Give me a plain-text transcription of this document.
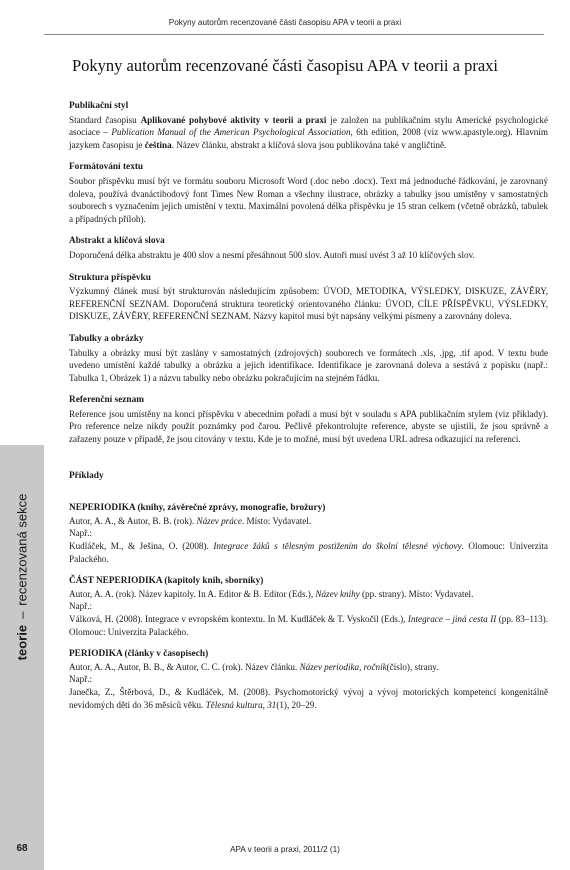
Pokyny autorům recenzované části časopisu APA v teorii a praxi
Pokyny autorům recenzované části časopisu APA v teorii a praxi
Publikační styl

Standard časopisu Aplikované pohybové aktivity v teorii a praxi je založen na publikačním stylu Americké psychologické asociace – Publication Manual of the American Psychological Association, 6th edition, 2008 (viz www.apastyle.org). Hlavním jazykem časopisu je čeština. Název článku, abstrakt a klíčová slova jsou publikována také v angličtině.

Formátování textu

Soubor příspěvku musí být ve formátu souboru Microsoft Word (.doc nebo .docx). Text má jednoduché řádkování, je zarovnaný doleva, používá dvanáctibodový font Times New Roman a všechny ilustrace, obrázky a tabulky jsou umístěny v samostatných souborech s vyznačením jejich umístění v textu. Maximální povolená délka příspěvku je 15 stran celkem (včetně obrázků, tabulek a případných příloh).

Abstrakt a klíčová slova

Doporučená délka abstraktu je 400 slov a nesmí přesáhnout 500 slov. Autoři musí uvést 3 až 10 klíčových slov.

Struktura příspěvku

Výzkumný článek musí být strukturován následujícím způsobem: ÚVOD, METODIKA, VÝSLEDKY, DISKUZE, ZÁVĚRY, REFERENČNÍ SEZNAM. Doporučená struktura teoretický orientovaného článku: ÚVOD, CÍLE PŘÍSPĚVKU, VÝSLEDKY, DISKUZE, ZÁVĚRY, REFERENČNÍ SEZNAM. Názvy kapitol musí být napsány velkými písmeny a zarovnány doleva.

Tabulky a obrázky

Tabulky a obrázky musí být zaslány v samostatných (zdrojových) souborech ve formátech .xls, .jpg, .tif apod. V textu bude uvedeno umístění každé tabulky a obrázku a jejich identifikace. Identifikace je zarovnaná doleva a sestává z popisku (např.: Tabulka 1, Obrázek 1) a názvu tabulky nebo obrázku pokračujícím na stejném řádku.

Referenční seznam

Reference jsou umístěny na konci příspěvku v abecedním pořadí a musí být v souladu s APA publikačním stylem (viz příklady). Pro reference nelze nikdy použít poznámky pod čarou. Pečlivě překontrolujte reference, abyste se ujistili, že jsou správně a zařazeny pouze v případě, že jsou citovány v textu. Kde je to možné, musí být uvedena URL adresa odkazující na referenci.

Příklady
NEPERIODIKA (knihy, závěrečné zprávy, monografie, brožury)
Autor, A. A., & Autor, B. B. (rok). Název práce. Místo: Vydavatel.
Např.:
Kudláček, M., & Ješina, O. (2008). Integrace žáků s tělesným postižením do školní tělesné výchovy. Olomouc: Univerzita Palackého.
ČÁST NEPERIODIKA (kapitoly knih, sborníky)
Autor, A. A. (rok). Název kapitoly. In A. Editor & B. Editor (Eds.), Název knihy (pp. strany). Místo: Vydavatel.
Např.:
Válková, H. (2008). Integrace v evropském kontextu. In M. Kudláček & T. Vyskočil (Eds.), Integrace – jiná cesta II (pp. 83–113). Olomouc: Univerzita Palackého.
PERIODIKA (články v časopisech)
Autor, A. A., Autor, B. B., & Autor, C. C. (rok). Název článku. Název periodika, ročník(číslo), strany.
Např.:
Janečka, Z., Štěrbová, D., & Kudláček, M. (2008). Psychomotorický vývoj a vývoj motorických kompetencí kongenitálně nevidomých dětí do 36 měsíců věku. Tělesná kultura, 31(1), 20–29.
teorie–recenzovaná sekce
68	APA v teorii a praxi, 2011/2 (1)
